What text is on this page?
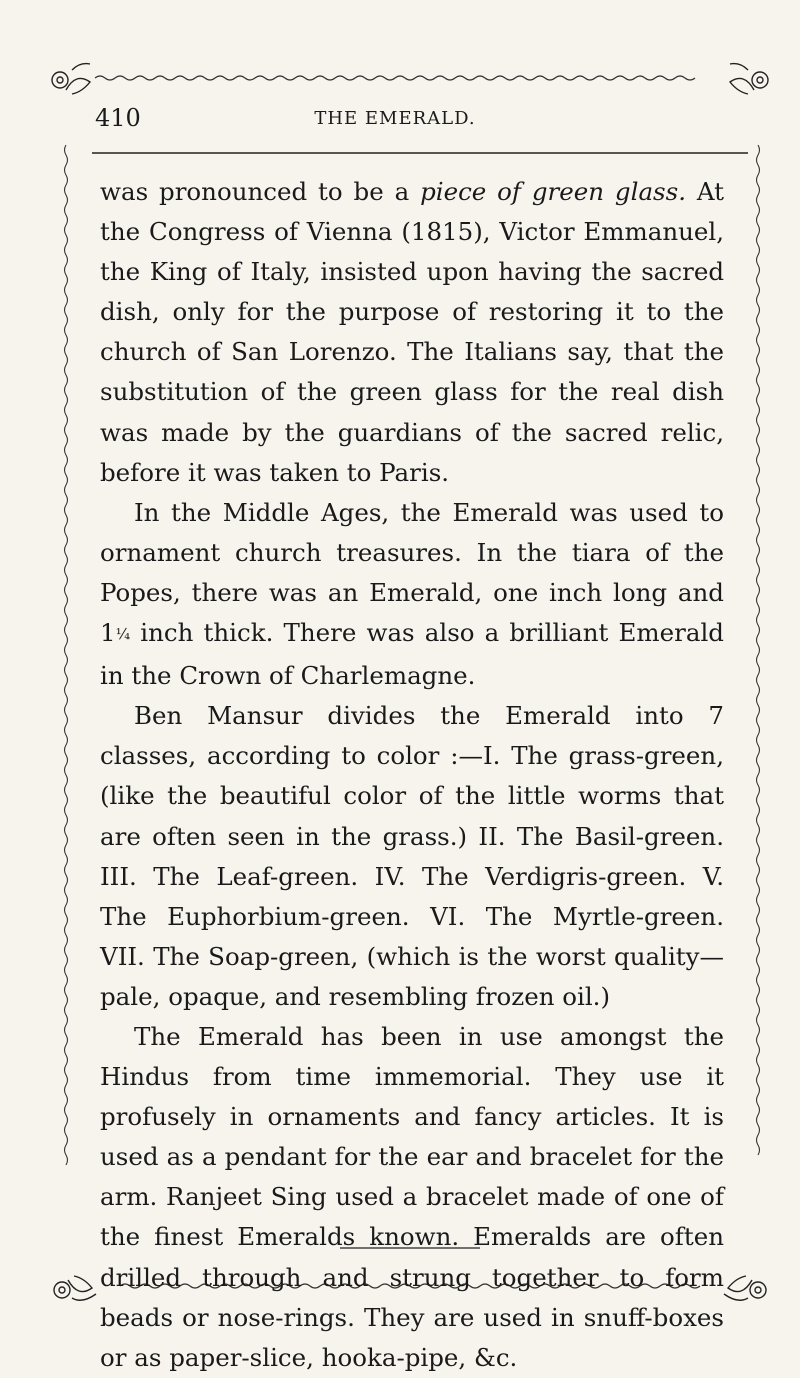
410	THE EMERALD.

was pronounced to be a piece of green glass. At the Congress of Vienna (1815), Victor Emmanuel, the King of Italy, insisted upon having the sacred dish, only for the purpose of restoring it to the church of San Lorenzo. The Italians say, that the substitution of the green glass for the real dish was made by the guardians of the sacred relic, before it was taken to Paris.

In the Middle Ages, the Emerald was used to ornament church treasures. In the tiara of the Popes, there was an Emerald, one inch long and 1¼ inch thick. There was also a brilliant Emerald in the Crown of Charlemagne.

Ben Mansur divides the Emerald into 7 classes, according to color :—I. The grass-green, (like the beautiful color of the little worms that are often seen in the grass.) II. The Basil-green. III. The Leaf-green. IV. The Verdigris-green. V. The Euphorbium-green. VI. The Myrtle-green. VII. The Soap-green, (which is the worst quality—pale, opaque, and resembling frozen oil.)

The Emerald has been in use amongst the Hindus from time immemorial. They use it profusely in ornaments and fancy articles. It is used as a pendant for the ear and bracelet for the arm. Ranjeet Sing used a bracelet made of one of the finest Emeralds known. Emeralds are often drilled through and strung together to form beads or nose-rings. They are used in snuff-boxes or as paper-slice, hooka-pipe, &c.
